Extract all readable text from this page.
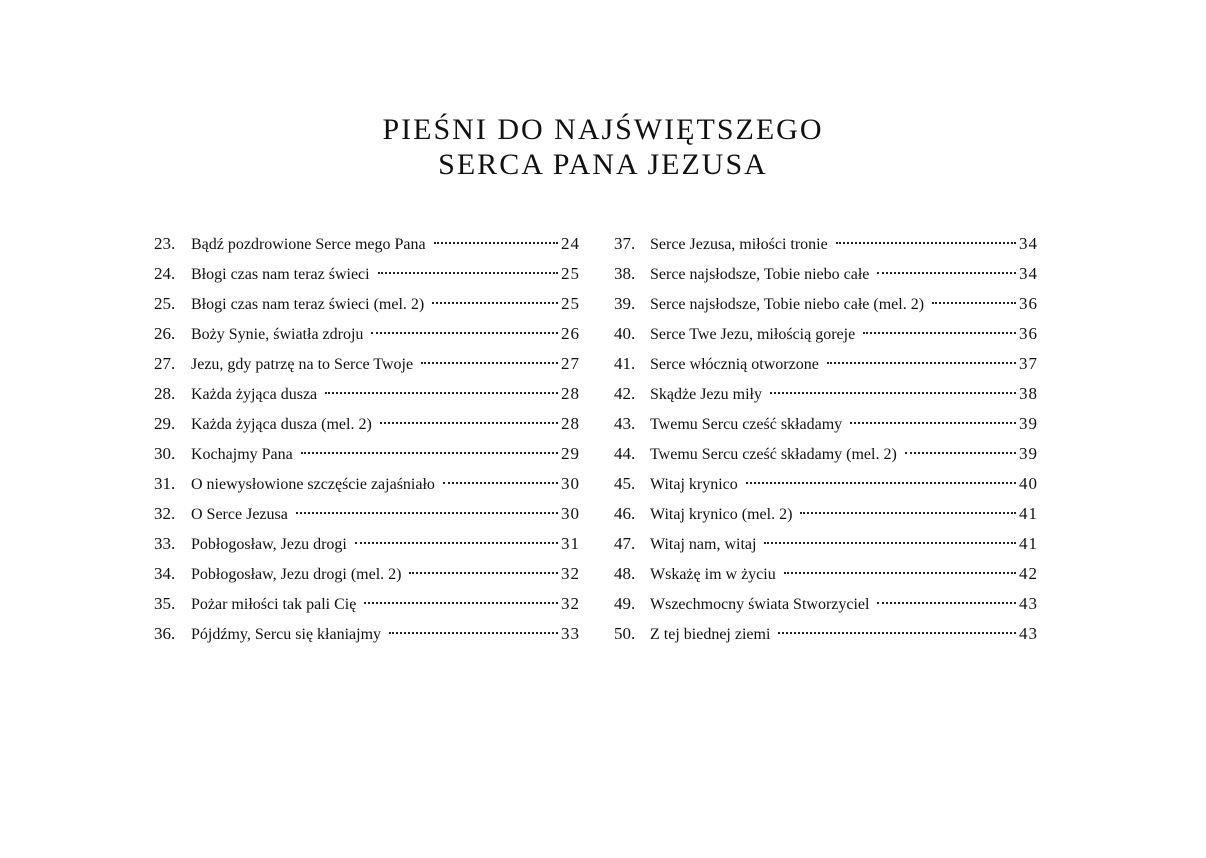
PIEŚNI DO NAJŚWIĘTSZEGO
SERCA PANA JEZUSA
23. Bądź pozdrowione Serce mego Pana	24
24. Błogi czas nam teraz świeci	25
25. Błogi czas nam teraz świeci (mel. 2)	25
26. Boży Synie, światła zdroju	26
27. Jezu, gdy patrzę na to Serce Twoje	27
28. Każda żyjąca dusza	28
29. Każda żyjąca dusza (mel. 2)	28
30. Kochajmy Pana	29
31. O niewysłowione szczęście zajaśniało	30
32. O Serce Jezusa	30
33. Pobłogosław, Jezu drogi	31
34. Pobłogosław, Jezu drogi (mel. 2)	32
35. Pożar miłości tak pali Cię	32
36. Pójdźmy, Sercu się kłaniajmy	33
37. Serce Jezusa, miłości tronie	34
38. Serce najsłodsze, Tobie niebo całe	34
39. Serce najsłodsze, Tobie niebo całe (mel. 2)	36
40. Serce Twe Jezu, miłością goreje	36
41. Serce włócznią otworzone	37
42. Skądże Jezu miły	38
43. Twemu Sercu cześć składamy	39
44. Twemu Sercu cześć składamy (mel. 2)	39
45. Witaj krynico	40
46. Witaj krynico (mel. 2)	41
47. Witaj nam, witaj	41
48. Wskażę im w życiu	42
49. Wszechmocny świata Stworzyciel	43
50. Z tej biednej ziemi	43
